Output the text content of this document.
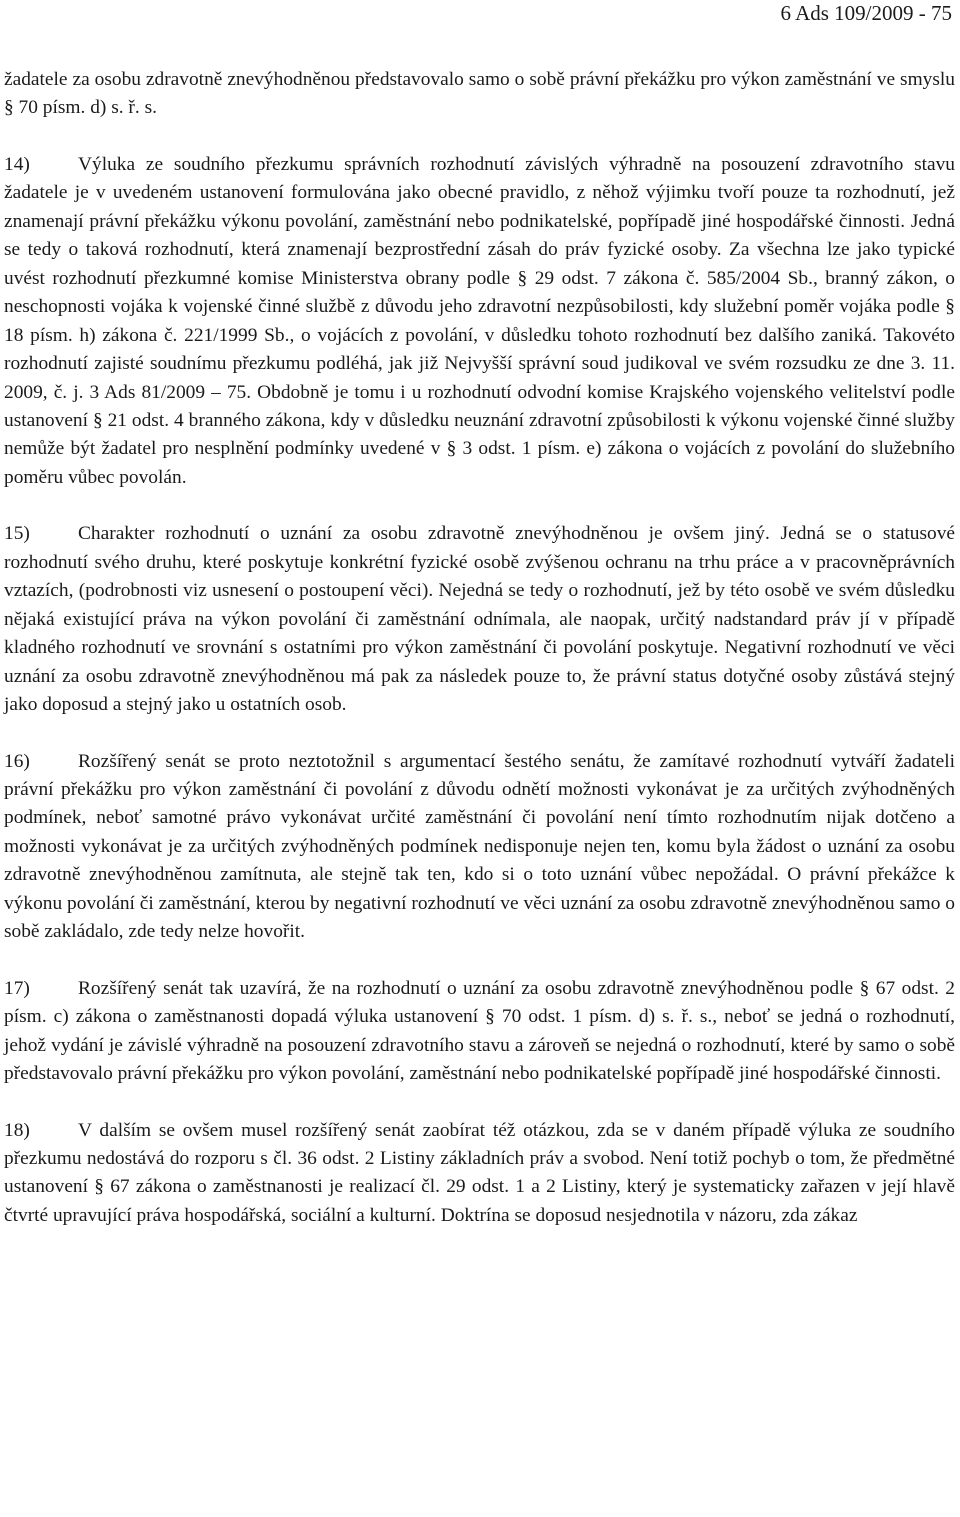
6 Ads 109/2009 - 75

žadatele za osobu zdravotně znevýhodněnou představovalo samo o sobě právní překážku pro výkon zaměstnání ve smyslu § 70 písm. d) s. ř. s.

14) Výluka ze soudního přezkumu správních rozhodnutí závislých výhradně na posouzení zdravotního stavu žadatele je v uvedeném ustanovení formulována jako obecné pravidlo, z něhož výjimku tvoří pouze ta rozhodnutí, jež znamenají právní překážku výkonu povolání, zaměstnání nebo podnikatelské, popřípadě jiné hospodářské činnosti. Jedná se tedy o taková rozhodnutí, která znamenají bezprostřední zásah do práv fyzické osoby. Za všechna lze jako typické uvést rozhodnutí přezkumné komise Ministerstva obrany podle § 29 odst. 7 zákona č. 585/2004 Sb., branný zákon, o neschopnosti vojáka k vojenské činné službě z důvodu jeho zdravotní nezpůsobilosti, kdy služební poměr vojáka podle § 18 písm. h) zákona č. 221/1999 Sb., o vojácích z povolání, v důsledku tohoto rozhodnutí bez dalšího zaniká. Takovéto rozhodnutí zajisté soudnímu přezkumu podléhá, jak již Nejvyšší správní soud judikoval ve svém rozsudku ze dne 3. 11. 2009, č. j. 3 Ads 81/2009 – 75. Obdobně je tomu i u rozhodnutí odvodní komise Krajského vojenského velitelství podle ustanovení § 21 odst. 4 branného zákona, kdy v důsledku neuznání zdravotní způsobilosti k výkonu vojenské činné služby nemůže být žadatel pro nesplnění podmínky uvedené v § 3 odst. 1 písm. e) zákona o vojácích z povolání do služebního poměru vůbec povolán.

15) Charakter rozhodnutí o uznání za osobu zdravotně znevýhodněnou je ovšem jiný. Jedná se o statusové rozhodnutí svého druhu, které poskytuje konkrétní fyzické osobě zvýšenou ochranu na trhu práce a v pracovněprávních vztazích, (podrobnosti viz usnesení o postoupení věci). Nejedná se tedy o rozhodnutí, jež by této osobě ve svém důsledku nějaká existující práva na výkon povolání či zaměstnání odnímala, ale naopak, určitý nadstandard práv jí v případě kladného rozhodnutí ve srovnání s ostatními pro výkon zaměstnání či povolání poskytuje. Negativní rozhodnutí ve věci uznání za osobu zdravotně znevýhodněnou má pak za následek pouze to, že právní status dotyčné osoby zůstává stejný jako doposud a stejný jako u ostatních osob.

16) Rozšířený senát se proto neztotožnil s argumentací šestého senátu, že zamítavé rozhodnutí vytváří žadateli právní překážku pro výkon zaměstnání či povolání z důvodu odnětí možnosti vykonávat je za určitých zvýhodněných podmínek, neboť samotné právo vykonávat určité zaměstnání či povolání není tímto rozhodnutím nijak dotčeno a možnosti vykonávat je za určitých zvýhodněných podmínek nedisponuje nejen ten, komu byla žádost o uznání za osobu zdravotně znevýhodněnou zamítnuta, ale stejně tak ten, kdo si o toto uznání vůbec nepožádal. O právní překážce k výkonu povolání či zaměstnání, kterou by negativní rozhodnutí ve věci uznání za osobu zdravotně znevýhodněnou samo o sobě zakládalo, zde tedy nelze hovořit.

17) Rozšířený senát tak uzavírá, že na rozhodnutí o uznání za osobu zdravotně znevýhodněnou podle § 67 odst. 2 písm. c) zákona o zaměstnanosti dopadá výluka ustanovení § 70 odst. 1 písm. d) s. ř. s., neboť se jedná o rozhodnutí, jehož vydání je závislé výhradně na posouzení zdravotního stavu a zároveň se nejedná o rozhodnutí, které by samo o sobě představovalo právní překážku pro výkon povolání, zaměstnání nebo podnikatelské popřípadě jiné hospodářské činnosti.

18) V dalším se ovšem musel rozšířený senát zaobírat též otázkou, zda se v daném případě výluka ze soudního přezkumu nedostává do rozporu s čl. 36 odst. 2 Listiny základních práv a svobod. Není totiž pochyb o tom, že předmětné ustanovení § 67 zákona o zaměstnanosti je realizací čl. 29 odst. 1 a 2 Listiny, který je systematicky zařazen v její hlavě čtvrté upravující práva hospodářská, sociální a kulturní. Doktrína se doposud nesjednotila v názoru, zda zákaz
